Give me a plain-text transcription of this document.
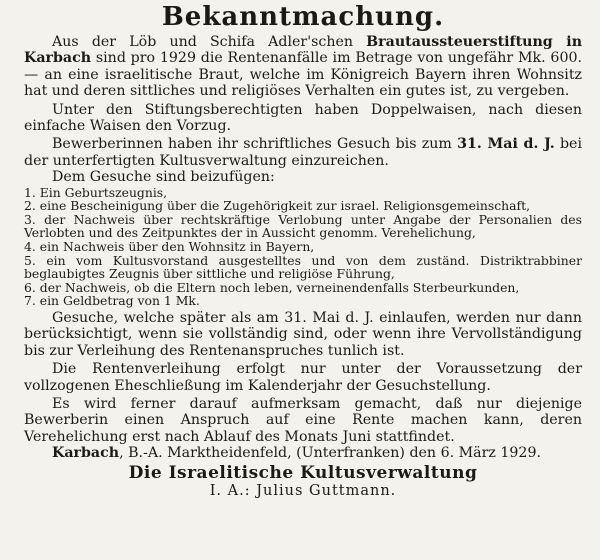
Bekanntmachung.

Aus der Löb und Schifa Adler'schen Brautaussteuerstiftung in Karbach sind pro 1929 die Rentenanfälle im Betrage von ungefähr Mk. 600.— an eine israelitische Braut, welche im Königreich Bayern ihren Wohnsitz hat und deren sittliches und religiöses Verhalten ein gutes ist, zu vergeben.

Unter den Stiftungsberechtigten haben Doppelwaisen, nach diesen einfache Waisen den Vorzug.

Bewerberinnen haben ihr schriftliches Gesuch bis zum 31. Mai d. J. bei der unterfertigten Kultusverwaltung einzureichen.

Dem Gesuche sind beizufügen:

1. Ein Geburtszeugnis,
2. eine Bescheinigung über die Zugehörigkeit zur israel. Religionsgemeinschaft,
3. der Nachweis über rechtskräftige Verlobung unter Angabe der Personalien des Verlobten und des Zeitpunktes der in Aussicht genomm. Verehelichung,
4. ein Nachweis über den Wohnsitz in Bayern,
5. ein vom Kultusvorstand ausgestelltes und von dem zuständ. Distriktrabbiner beglaubigtes Zeugnis über sittliche und religiöse Führung,
6. der Nachweis, ob die Eltern noch leben, verneinendenfalls Sterbeurkunden,
7. ein Geldbetrag von 1 Mk.

Gesuche, welche später als am 31. Mai d. J. einlaufen, werden nur dann berücksichtigt, wenn sie vollständig sind, oder wenn ihre Vervollständigung bis zur Verleihung des Rentenanspruches tunlich ist.

Die Rentenverleihung erfolgt nur unter der Voraussetzung der vollzogenen Eheschließung im Kalenderjahr der Gesuchstellung.

Es wird ferner darauf aufmerksam gemacht, daß nur diejenige Bewerberin einen Anspruch auf eine Rente machen kann, deren Verehelichung erst nach Ablauf des Monats Juni stattfindet.

Karbach, B.-A. Marktheidenfeld, (Unterfranken) den 6. März 1929.

Die Israelitische Kultusverwaltung
I. A.: Julius Guttmann.
